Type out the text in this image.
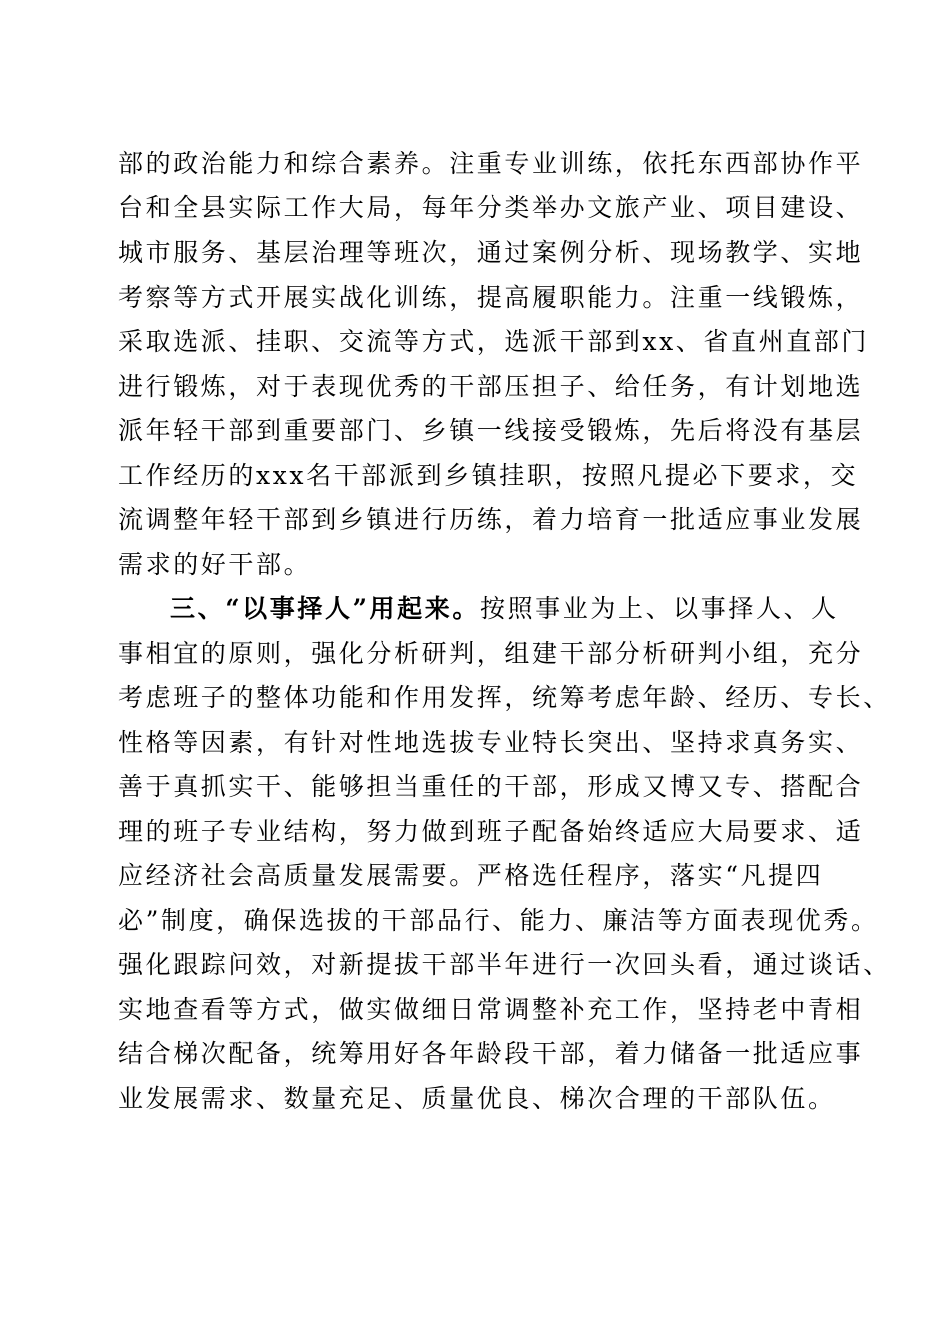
部的政治能力和综合素养。注重专业训练，依托东西部协作平
台和全县实际工作大局，每年分类举办文旅产业、项目建设、
城市服务、基层治理等班次，通过案例分析、现场教学、实地
考察等方式开展实战化训练，提高履职能力。注重一线锻炼，
采取选派、挂职、交流等方式，选派干部到xx、省直州直部门
进行锻炼，对于表现优秀的干部压担子、给任务，有计划地选
派年轻干部到重要部门、乡镇一线接受锻炼，先后将没有基层
工作经历的xxx名干部派到乡镇挂职，按照凡提必下要求，交
流调整年轻干部到乡镇进行历练，着力培育一批适应事业发展
需求的好干部。
三、“以事择人”用起来。按照事业为上、以事择人、人
事相宜的原则，强化分析研判，组建干部分析研判小组，充分
考虑班子的整体功能和作用发挥，统筹考虑年龄、经历、专长、
性格等因素，有针对性地选拔专业特长突出、坚持求真务实、
善于真抓实干、能够担当重任的干部，形成又博又专、搭配合
理的班子专业结构，努力做到班子配备始终适应大局要求、适
应经济社会高质量发展需要。严格选任程序，落实“凡提四
必”制度，确保选拔的干部品行、能力、廉洁等方面表现优秀。
强化跟踪问效，对新提拔干部半年进行一次回头看，通过谈话、
实地查看等方式，做实做细日常调整补充工作，坚持老中青相
结合梯次配备，统筹用好各年龄段干部，着力储备一批适应事
业发展需求、数量充足、质量优良、梯次合理的干部队伍。
